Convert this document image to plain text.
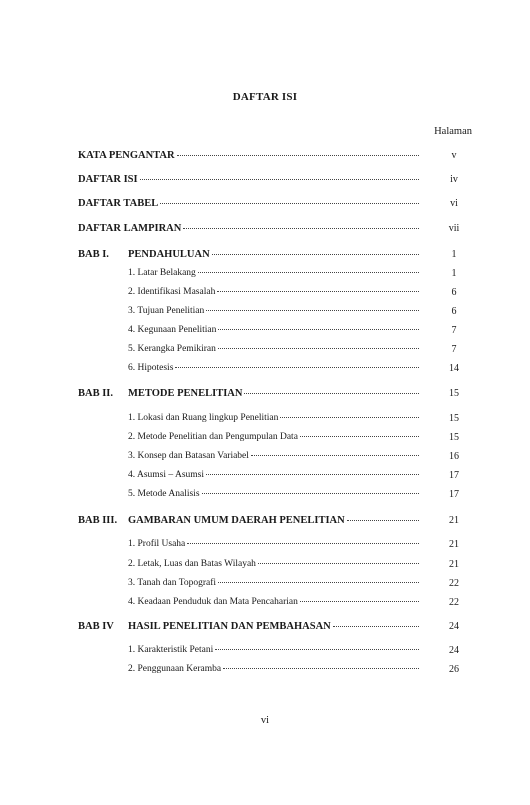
DAFTAR ISI
Halaman
KATA PENGANTAR	v
DAFTAR ISI	iv
DAFTAR TABEL	vi
DAFTAR LAMPIRAN	vii
BAB I. PENDAHULUAN	1
1. Latar Belakang	1
2. Identifikasi Masalah	6
3. Tujuan Penelitian	6
4. Kegunaan Penelitian	7
5. Kerangka Pemikiran	7
6. Hipotesis	14
BAB II. METODE PENELITIAN	15
1. Lokasi dan Ruang lingkup Penelitian	15
2. Metode Penelitian dan Pengumpulan Data	15
3. Konsep dan Batasan Variabel	16
4. Asumsi – Asumsi	17
5. Metode Analisis	17
BAB III. GAMBARAN UMUM DAERAH PENELITIAN	21
1. Profil Usaha	21
2. Letak, Luas dan Batas Wilayah	21
3. Tanah dan Topografi	22
4. Keadaan Penduduk dan Mata Pencaharian	22
BAB IV HASIL PENELITIAN DAN PEMBAHASAN	24
1. Karakteristik Petani	24
2. Penggunaan Keramba	26
vi
